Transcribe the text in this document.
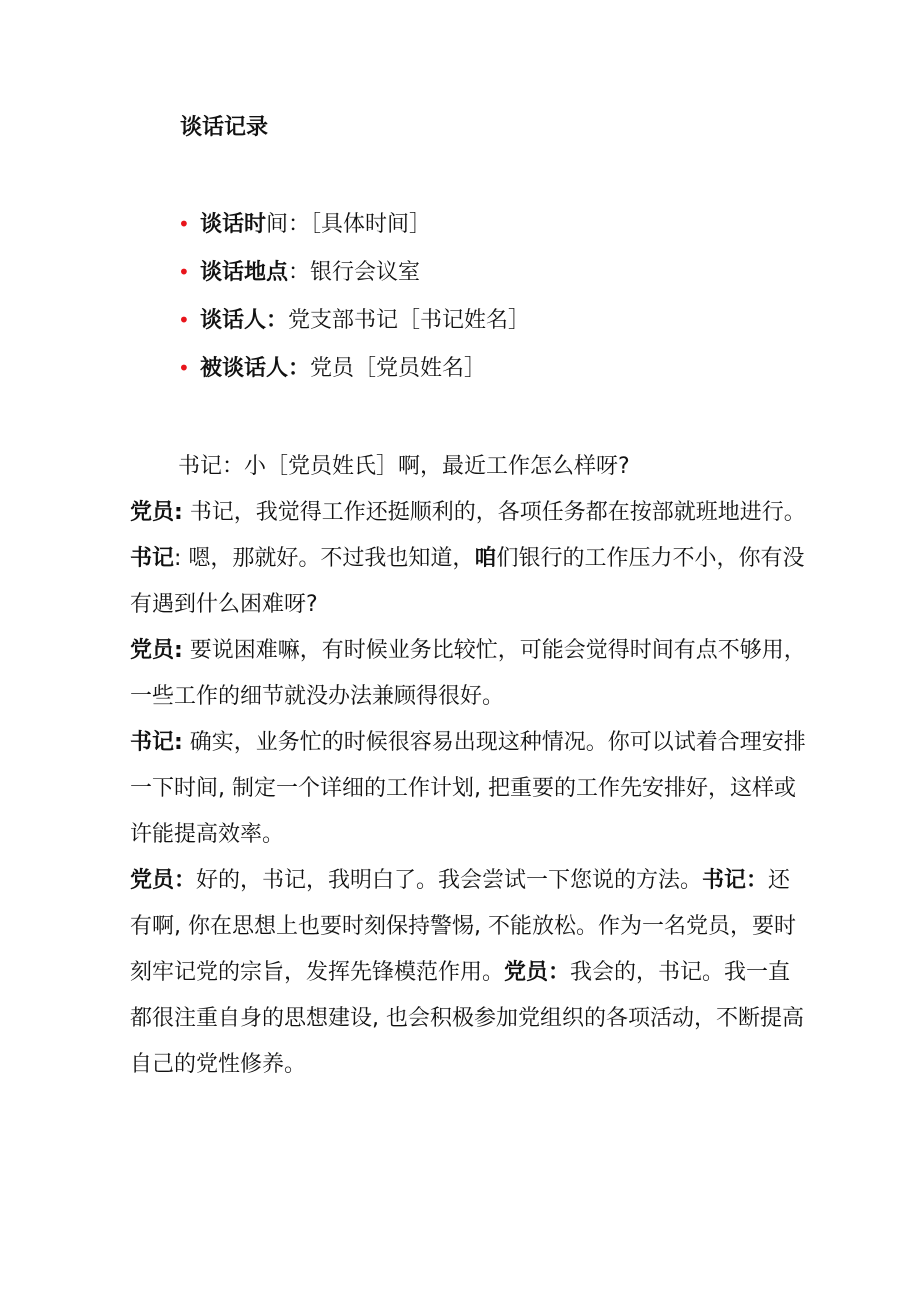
谈话记录
• 谈话时间：［具体时间］
• 谈话地点：银行会议室
• 谈话人：党支部书记［书记姓名］
• 被谈话人：党员［党员姓名］

书记：小［党员姓氏］啊，最近工作怎么样呀?

党员: 书记，我觉得工作还挺顺利的，各项任务都在按部就班地进行。

书记: 嗯，那就好。不过我也知道，咱们银行的工作压力不小，你有没有遇到什么困难呀?

党员: 要说困难嘛，有时候业务比较忙，可能会觉得时间有点不够用，一些工作的细节就没办法兼顾得很好。

书记: 确实，业务忙的时候很容易出现这种情况。你可以试着合理安排一下时间, 制定一个详细的工作计划, 把重要的工作先安排好，这样或许能提高效率。

党员：好的，书记，我明白了。我会尝试一下您说的方法。书记：还有啊, 你在思想上也要时刻保持警惕, 不能放松。作为一名党员，要时刻牢记党的宗旨，发挥先锋模范作用。党员：我会的，书记。我一直都很注重自身的思想建设, 也会积极参加党组织的各项活动，不断提高自己的党性修养。
